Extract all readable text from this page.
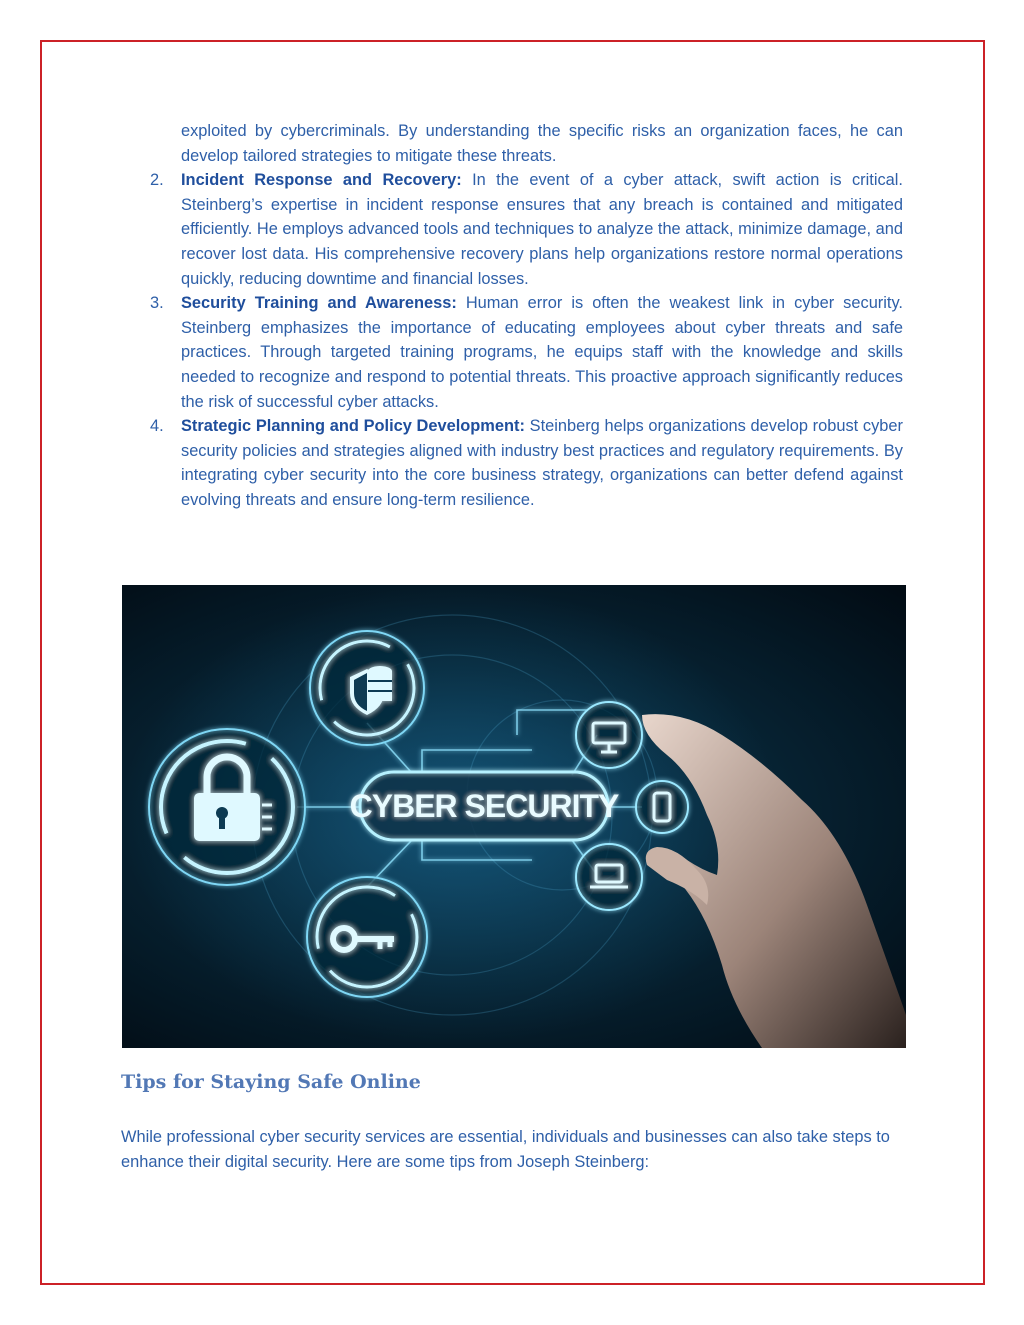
exploited by cybercriminals. By understanding the specific risks an organization faces, he can develop tailored strategies to mitigate these threats.
2. Incident Response and Recovery: In the event of a cyber attack, swift action is critical. Steinberg’s expertise in incident response ensures that any breach is contained and mitigated efficiently. He employs advanced tools and techniques to analyze the attack, minimize damage, and recover lost data. His comprehensive recovery plans help organizations restore normal operations quickly, reducing downtime and financial losses.
3. Security Training and Awareness: Human error is often the weakest link in cyber security. Steinberg emphasizes the importance of educating employees about cyber threats and safe practices. Through targeted training programs, he equips staff with the knowledge and skills needed to recognize and respond to potential threats. This proactive approach significantly reduces the risk of successful cyber attacks.
4. Strategic Planning and Policy Development: Steinberg helps organizations develop robust cyber security policies and strategies aligned with industry best practices and regulatory requirements. By integrating cyber security into the core business strategy, organizations can better defend against evolving threats and ensure long-term resilience.
CYBER SECURITY
Tips for Staying Safe Online

While professional cyber security services are essential, individuals and businesses can also take steps to enhance their digital security. Here are some tips from Joseph Steinberg:
